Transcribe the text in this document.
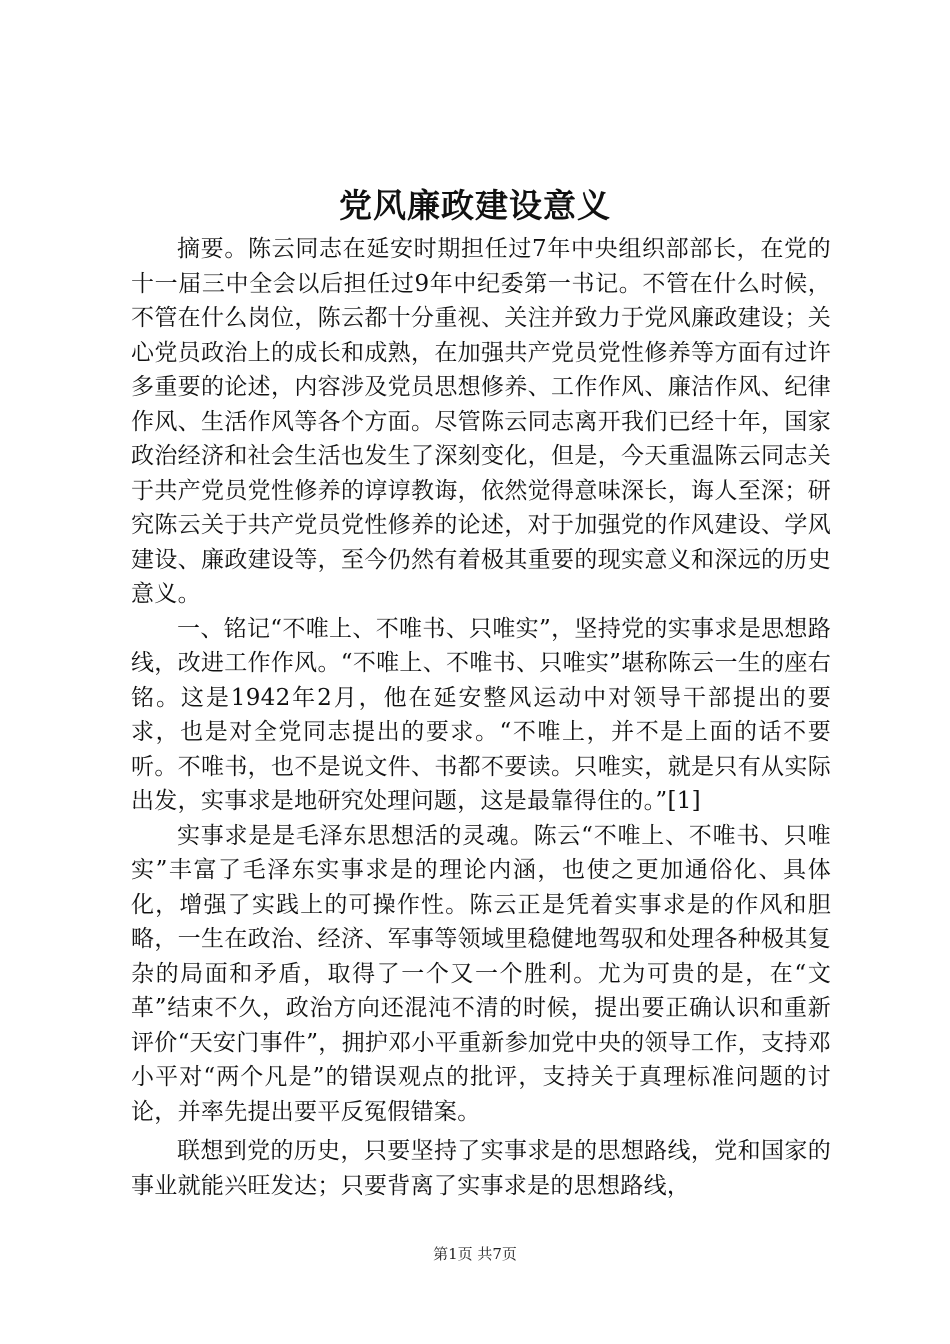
党风廉政建设意义

摘要。陈云同志在延安时期担任过7年中央组织部部长，在党的十一届三中全会以后担任过9年中纪委第一书记。不管在什么时候，不管在什么岗位，陈云都十分重视、关注并致力于党风廉政建设；关心党员政治上的成长和成熟，在加强共产党员党性修养等方面有过许多重要的论述，内容涉及党员思想修养、工作作风、廉洁作风、纪律作风、生活作风等各个方面。尽管陈云同志离开我们已经十年，国家政治经济和社会生活也发生了深刻变化，但是，今天重温陈云同志关于共产党员党性修养的谆谆教诲，依然觉得意味深长，诲人至深；研究陈云关于共产党员党性修养的论述，对于加强党的作风建设、学风建设、廉政建设等，至今仍然有着极其重要的现实意义和深远的历史意义。

一、铭记“不唯上、不唯书、只唯实”，坚持党的实事求是思想路线，改进工作作风。“不唯上、不唯书、只唯实”堪称陈云一生的座右铭。这是1942年2月，他在延安整风运动中对领导干部提出的要求，也是对全党同志提出的要求。“不唯上，并不是上面的话不要听。不唯书，也不是说文件、书都不要读。只唯实，就是只有从实际出发，实事求是地研究处理问题，这是最靠得住的。”[1]

实事求是是毛泽东思想活的灵魂。陈云“不唯上、不唯书、只唯实”丰富了毛泽东实事求是的理论内涵，也使之更加通俗化、具体化，增强了实践上的可操作性。陈云正是凭着实事求是的作风和胆略，一生在政治、经济、军事等领域里稳健地驾驭和处理各种极其复杂的局面和矛盾，取得了一个又一个胜利。尤为可贵的是，在“文革”结束不久，政治方向还混沌不清的时候，提出要正确认识和重新评价“天安门事件”，拥护邓小平重新参加党中央的领导工作，支持邓小平对“两个凡是”的错误观点的批评，支持关于真理标准问题的讨论，并率先提出要平反冤假错案。

联想到党的历史，只要坚持了实事求是的思想路线，党和国家的事业就能兴旺发达；只要背离了实事求是的思想路线，

第1页 共7页
